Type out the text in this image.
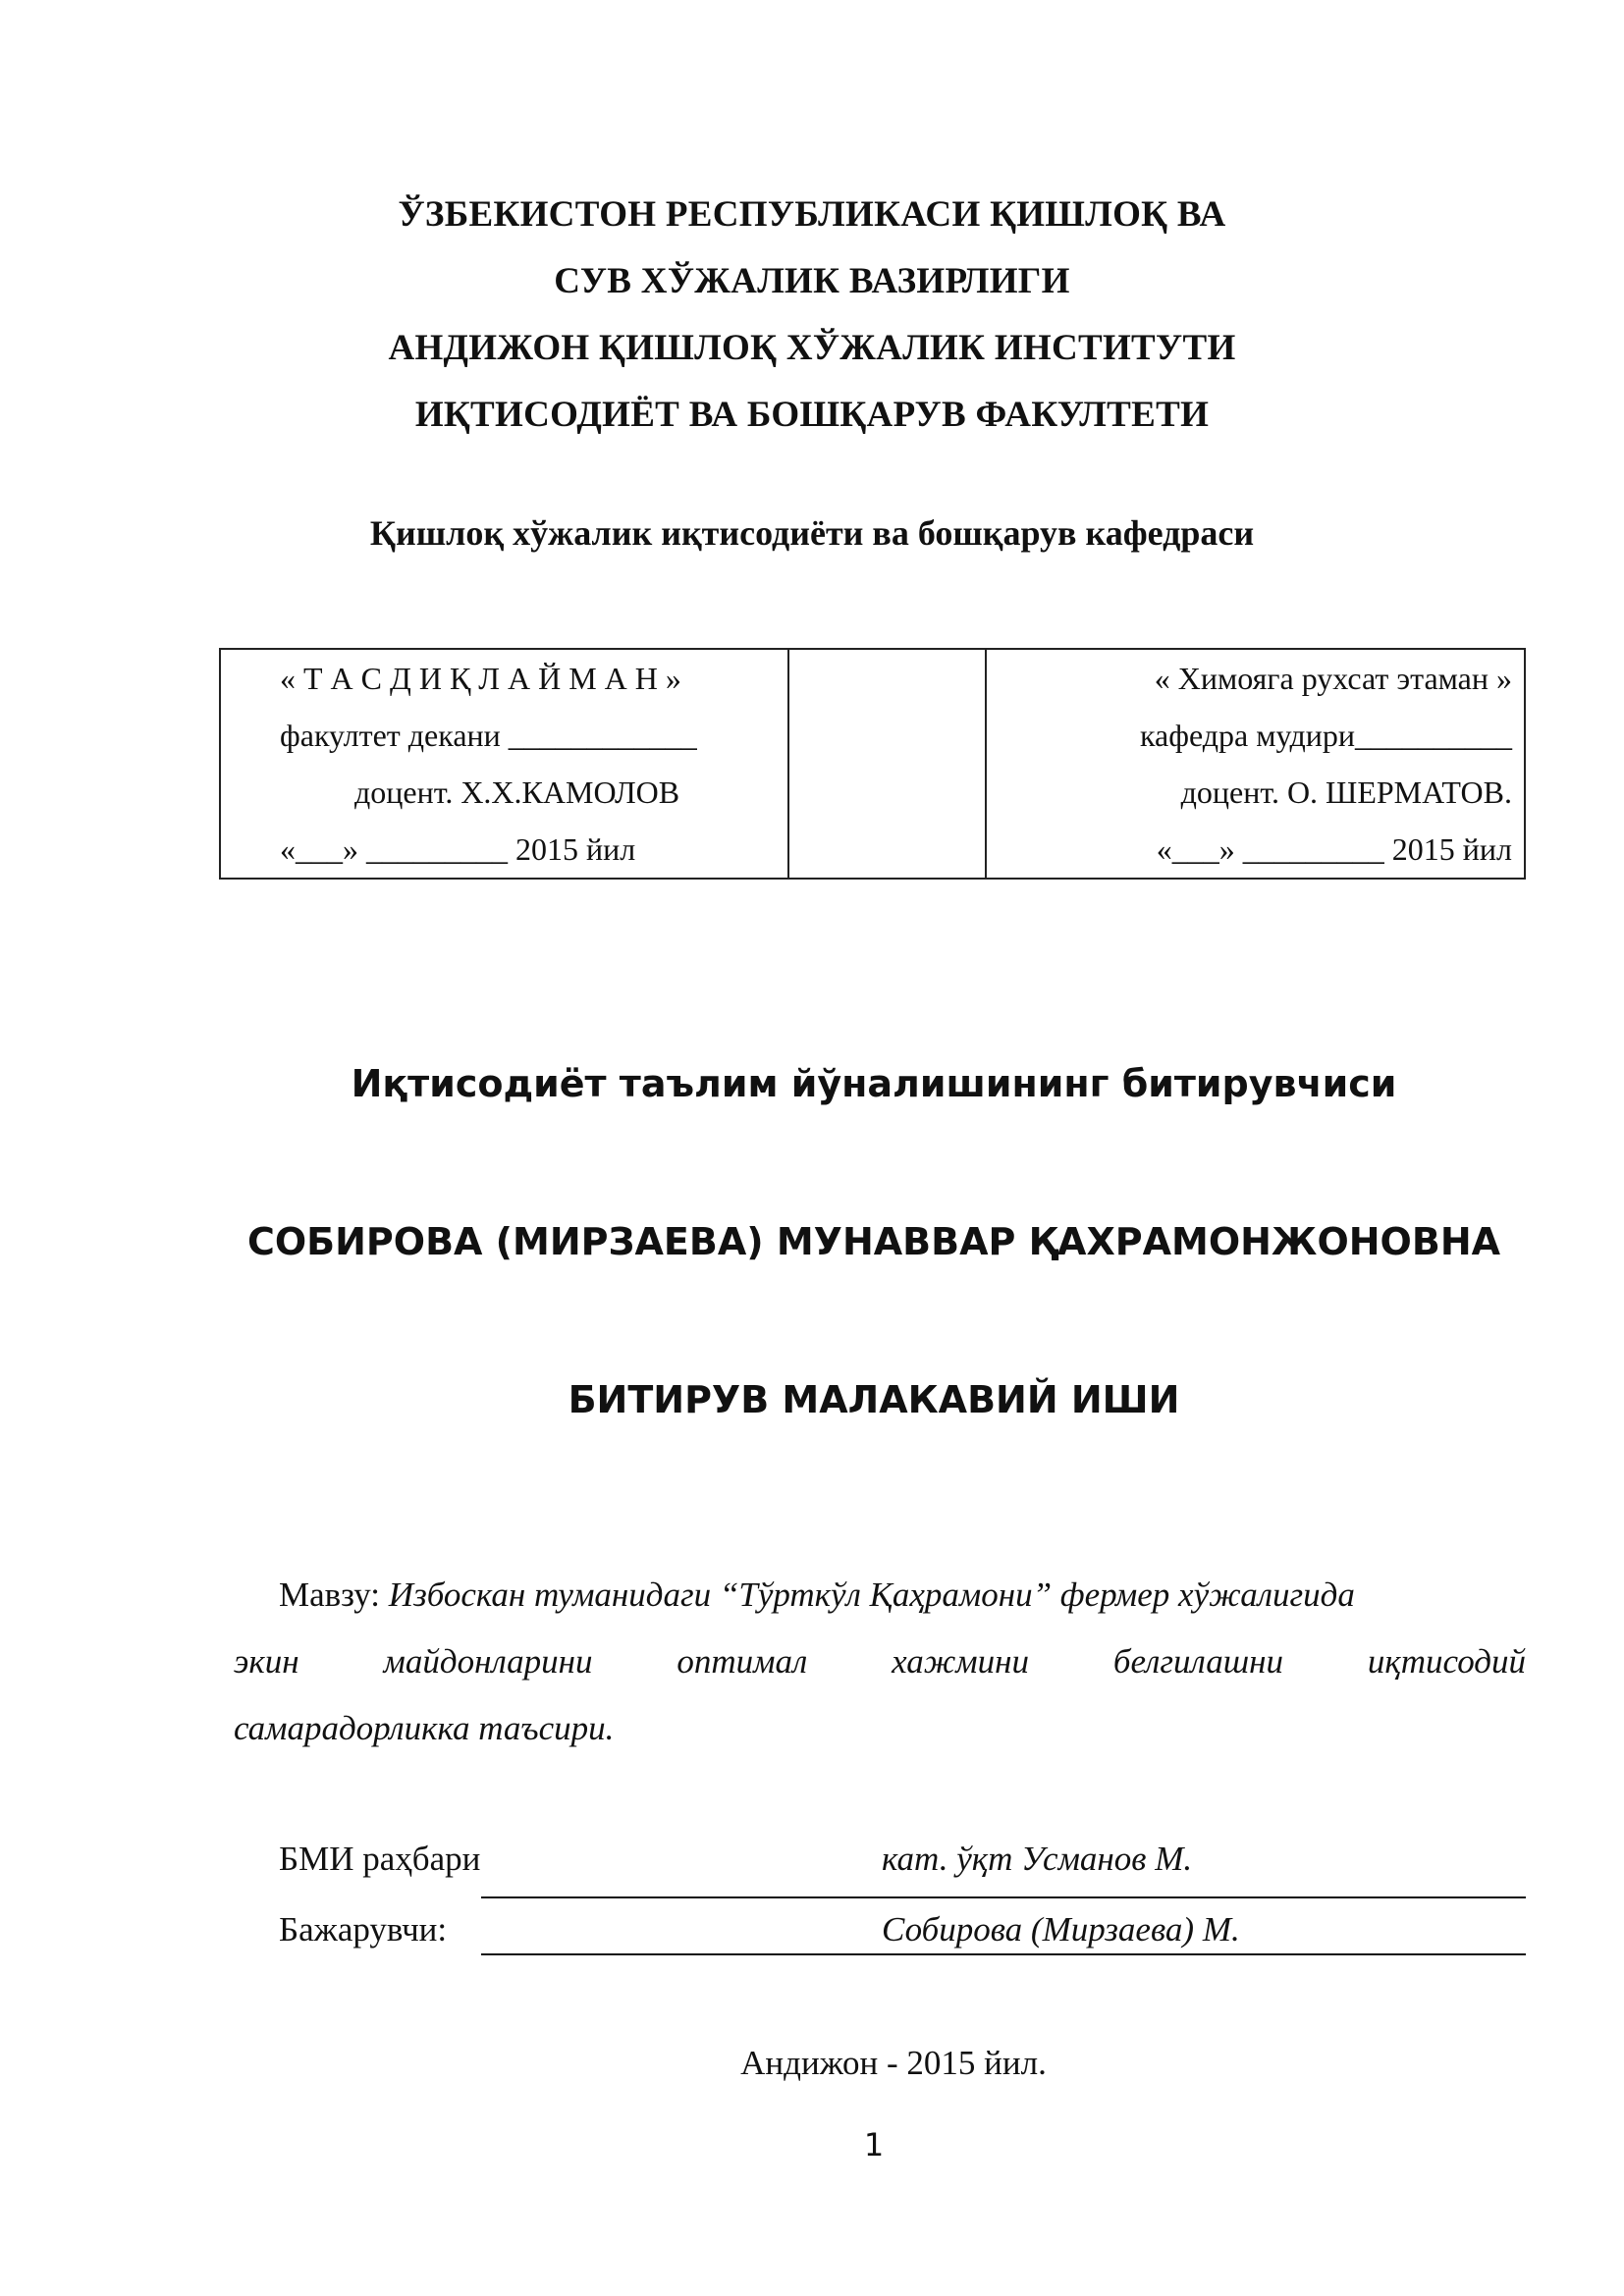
ЎЗБЕКИСТОН РЕСПУБЛИКАСИ ҚИШЛОҚ ВА
СУВ ХЎЖАЛИК ВАЗИРЛИГИ
АНДИЖОН ҚИШЛОҚ ХЎЖАЛИК ИНСТИТУТИ
ИҚТИСОДИЁТ ВА БОШҚАРУВ ФАКУЛТЕТИ
Қишлоқ хўжалик иқтисодиёти ва бошқарув кафедраси
« Т А С Д И Қ Л А Й М А Н »
факултет декани ____________
доцент. Х.Х.КАМОЛОВ
«___» _________ 2015 йил

« Химояга рухсат этаман »
кафедра мудири__________
доцент. О. ШЕРМАТОВ.
«___» _________ 2015 йил
Иқтисодиёт таълим йўналишининг битирувчиси
СОБИРОВА (МИРЗАЕВА) МУНАВВАР ҚАХРАМОНЖОНОВНА
БИТИРУВ МАЛАКАВИЙ ИШИ
Мавзу: Избоскан туманидаги “Тўрткўл Қаҳрамони” фермер хўжалигида
экин майдонларини оптимал хажмини белгилашни иқтисодий
самарадорликка таъсири.
БМИ раҳбари	кат. ўқт Усманов М.
Бажарувчи:	Собирова (Мирзаева) М.
Андижон - 2015 йил.
1
